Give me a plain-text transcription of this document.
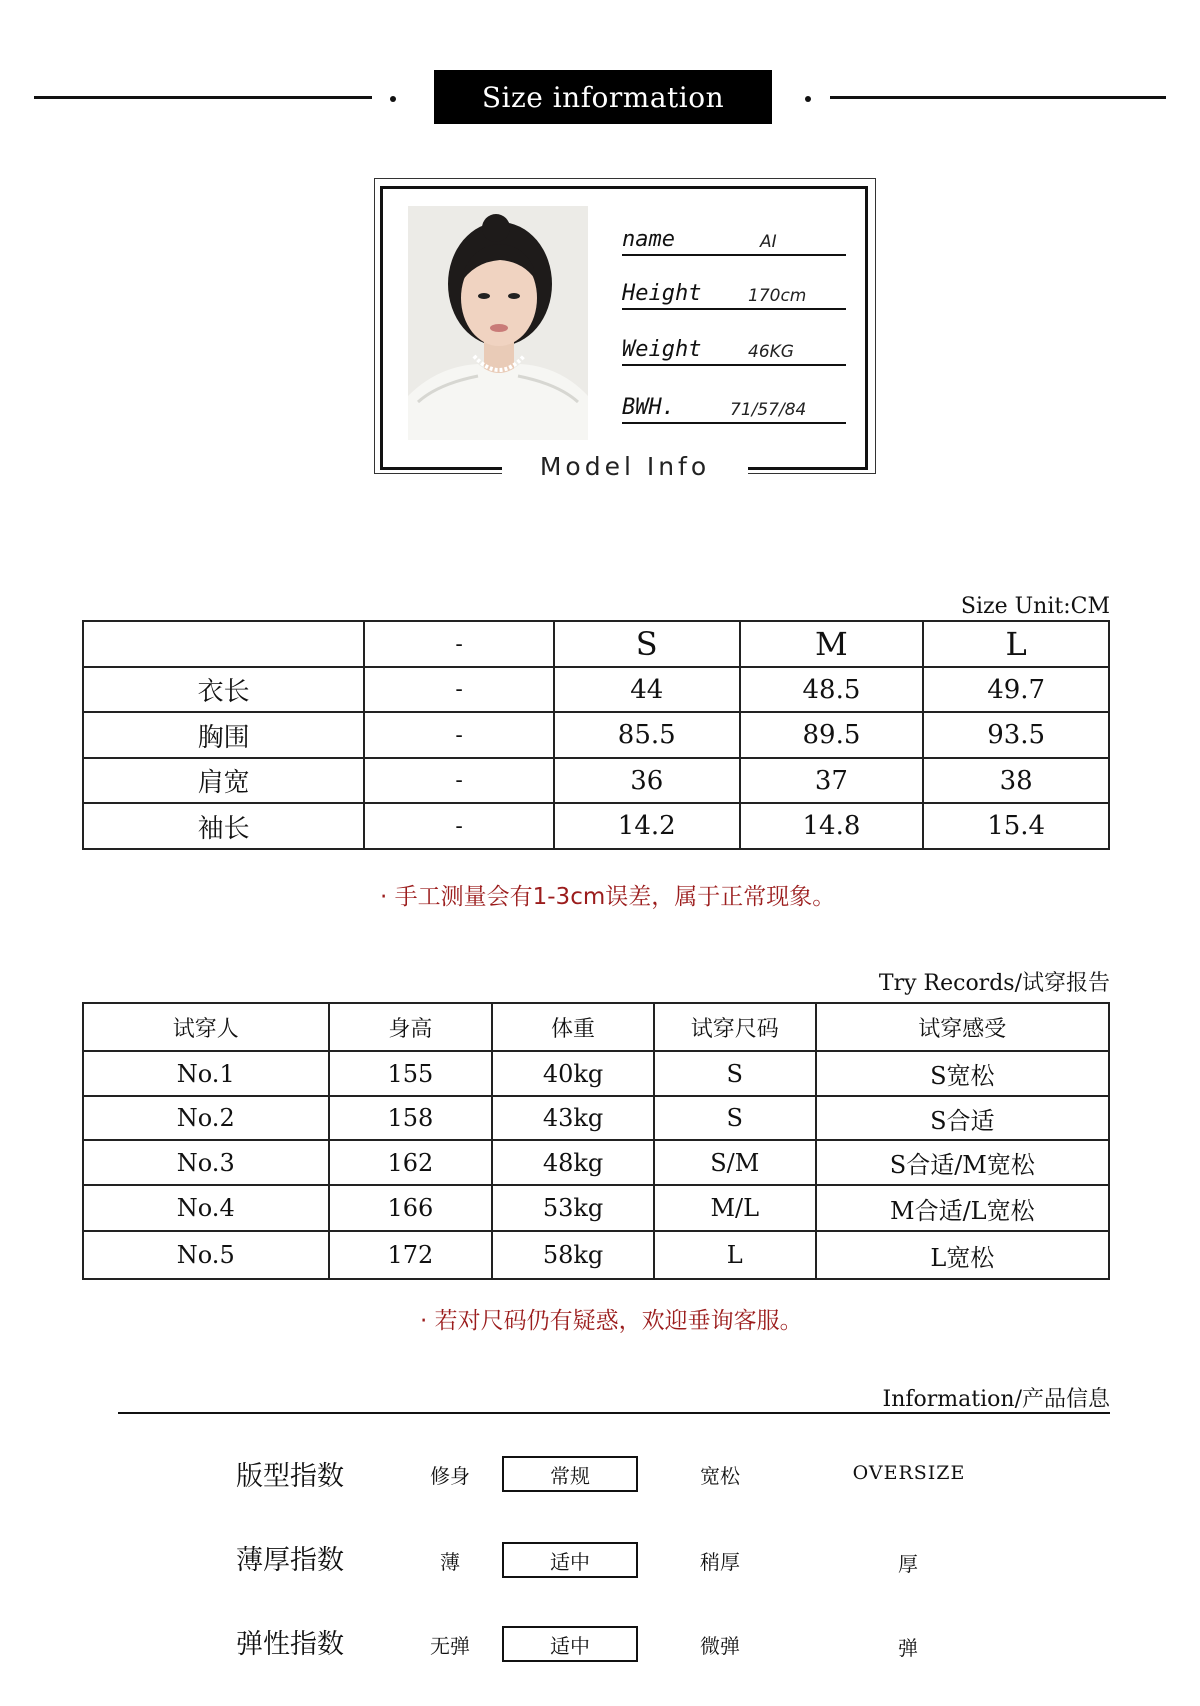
Size information
name	AI
Height	170cm
Weight	46KG
BWH.	71/57/84
Model Info
Size Unit:CM
	-	S	M	L
衣长	-	44	48.5	49.7
胸围	-	85.5	89.5	93.5
肩宽	-	36	37	38
袖长	-	14.2	14.8	15.4
· 手工测量会有1-3cm误差，属于正常现象。
Try Records/试穿报告
试穿人	身高	体重	试穿尺码	试穿感受
No.1	155	40kg	S	S宽松
No.2	158	43kg	S	S合适
No.3	162	48kg	S/M	S合适/M宽松
No.4	166	53kg	M/L	M合适/L宽松
No.5	172	58kg	L	L宽松
· 若对尺码仍有疑惑，欢迎垂询客服。
Information/产品信息
版型指数	修身	常规	宽松	OVERSIZE
薄厚指数	薄	适中	稍厚	厚
弹性指数	无弹	适中	微弹	弹
